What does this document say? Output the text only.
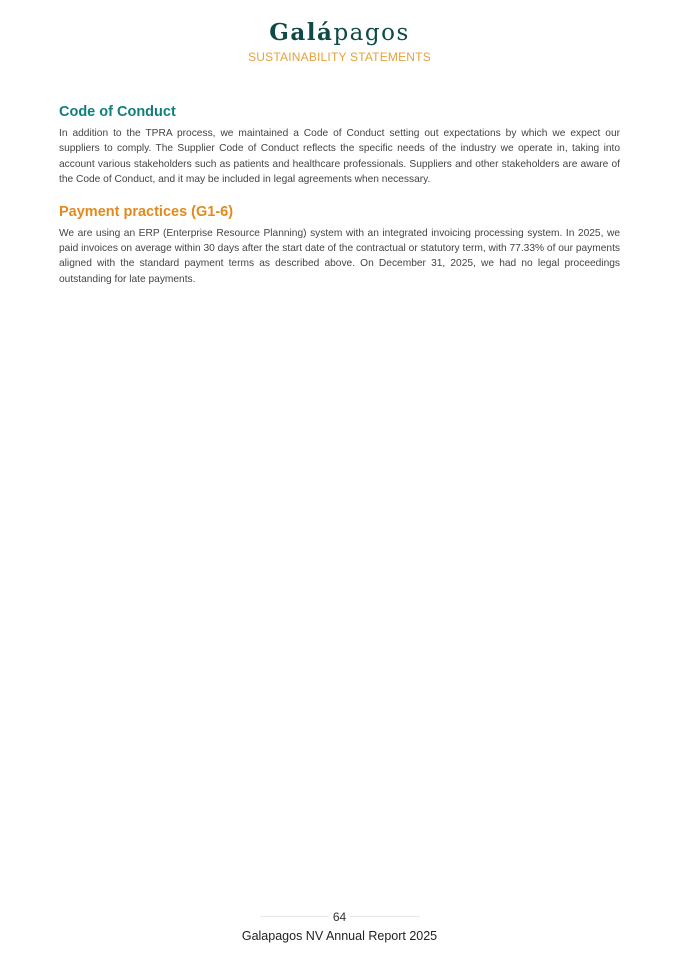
Galápagos
SUSTAINABILITY STATEMENTS
Code of Conduct

In addition to the TPRA process, we maintained a Code of Conduct setting out expectations by which we expect our suppliers to comply. The Supplier Code of Conduct reflects the specific needs of the industry we operate in, taking into account various stakeholders such as patients and healthcare professionals. Suppliers and other stakeholders are aware of the Code of Conduct, and it may be included in legal agreements when necessary.

Payment practices (G1-6)

We are using an ERP (Enterprise Resource Planning) system with an integrated invoicing processing system. In 2025, we paid invoices on average within 30 days after the start date of the contractual or statutory term, with 77.33% of our payments aligned with the standard payment terms as described above. On December 31, 2025, we had no legal proceedings outstanding for late payments.

64
Galapagos NV Annual Report 2025
